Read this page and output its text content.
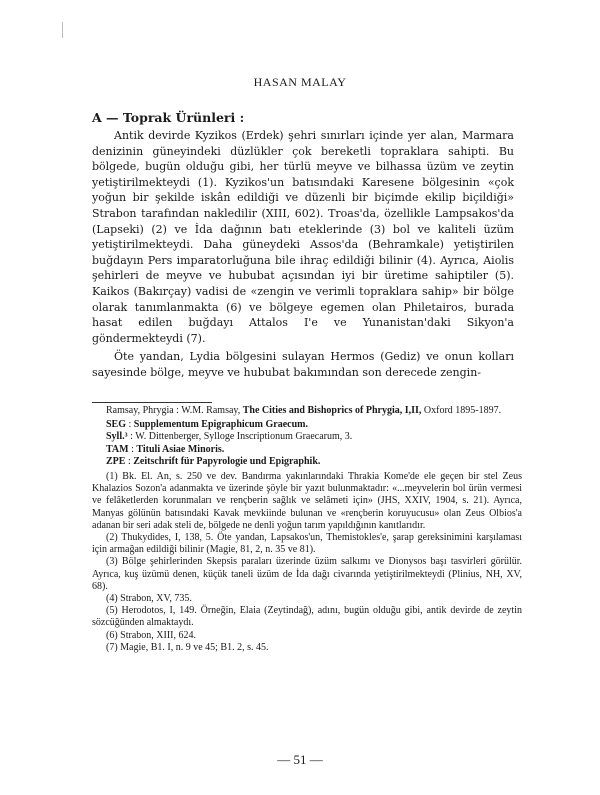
HASAN MALAY
A — Toprak Ürünleri :

Antik devirde Kyzikos (Erdek) şehri sınırları içinde yer alan, Marmara denizinin güneyindeki düzlükler çok bereketli topraklara sahipti. Bu bölgede, bugün olduğu gibi, her türlü meyve ve bilhassa üzüm ve zeytin yetiştirilmekteydi (1). Kyzikos'un batısındaki Karesene bölgesinin «çok yoğun bir şekilde iskân edildiği ve düzenli bir biçimde ekilip biçildiği» Strabon tarafından nakledilir (XIII, 602). Troas'da, özellikle Lampsakos'da (Lapseki) (2) ve İda dağının batı eteklerinde (3) bol ve kaliteli üzüm yetiştirilmekteydi. Daha güneydeki Assos'da (Behramkale) yetiştirilen buğdayın Pers imparatorluğuna bile ihraç edildiği bilinir (4). Ayrıca, Aiolis şehirleri de meyve ve hububat açısından iyi bir üretime sahiptiler (5). Kaikos (Bakırçay) vadisi de «zengin ve verimli topraklara sahip» bir bölge olarak tanımlanmakta (6) ve bölgeye egemen olan Philetairos, burada hasat edilen buğdayı Attalos I'e ve Yunanistan'daki Sikyon'a göndermekteydi (7).

Öte yandan, Lydia bölgesini sulayan Hermos (Gediz) ve onun kolları sayesinde bölge, meyve ve hububat bakımından son derecede zengin-

Ramsay, Phrygia : W.M. Ramsay, The Cities and Bishoprics of Phrygia, I,II, Oxford 1895-1897.

SEG : Supplementum Epigraphicum Graecum.

Syll.³ : W. Dittenberger, Sylloge Inscriptionum Graecarum, 3.

TAM : Tituli Asiae Minoris.

ZPE : Zeitschrift für Papyrologie und Epigraphik.

(1) Bk. El. An, s. 250 ve dev. Bandırma yakınlarındaki Thrakia Kome'de ele geçen bir stel Zeus Khalazios Sozon'a adanmakta ve üzerinde şöyle bir yazıt bulunmaktadır: «...meyvelerin bol ürün vermesi ve felâketlerden korunmaları ve rençberin sağlık ve selâmeti için» (JHS, XXIV, 1904, s. 21). Ayrıca, Manyas gölünün batısındaki Kavak mevkiinde bulunan ve «rençberin koruyucusu» olan Zeus Olbios'a adanan bir seri adak steli de, bölgede ne denli yoğun tarım yapıldığının kanıtlarıdır.

(2) Thukydides, I, 138, 5. Öte yandan, Lapsakos'un, Themistokles'e, şarap gereksinimini karşılaması için armağan edildiği bilinir (Magie, 81, 2, n. 35 ve 81).

(3) Bölge şehirlerinden Skepsis paraları üzerinde üzüm salkımı ve Dionysos başı tasvirleri görülür. Ayrıca, kuş üzümü denen, küçük taneli üzüm de İda dağı civarında yetiştirilmekteydi (Plinius, NH, XV, 68).

(4) Strabon, XV, 735.

(5) Herodotos, I, 149. Örneğin, Elaia (Zeytindağ), adını, bugün olduğu gibi, antik devirde de zeytin sözcüğünden almaktaydı.

(6) Strabon, XIII, 624.

(7) Magie, B1. I, n. 9 ve 45; B1. 2, s. 45.

— 51 —
